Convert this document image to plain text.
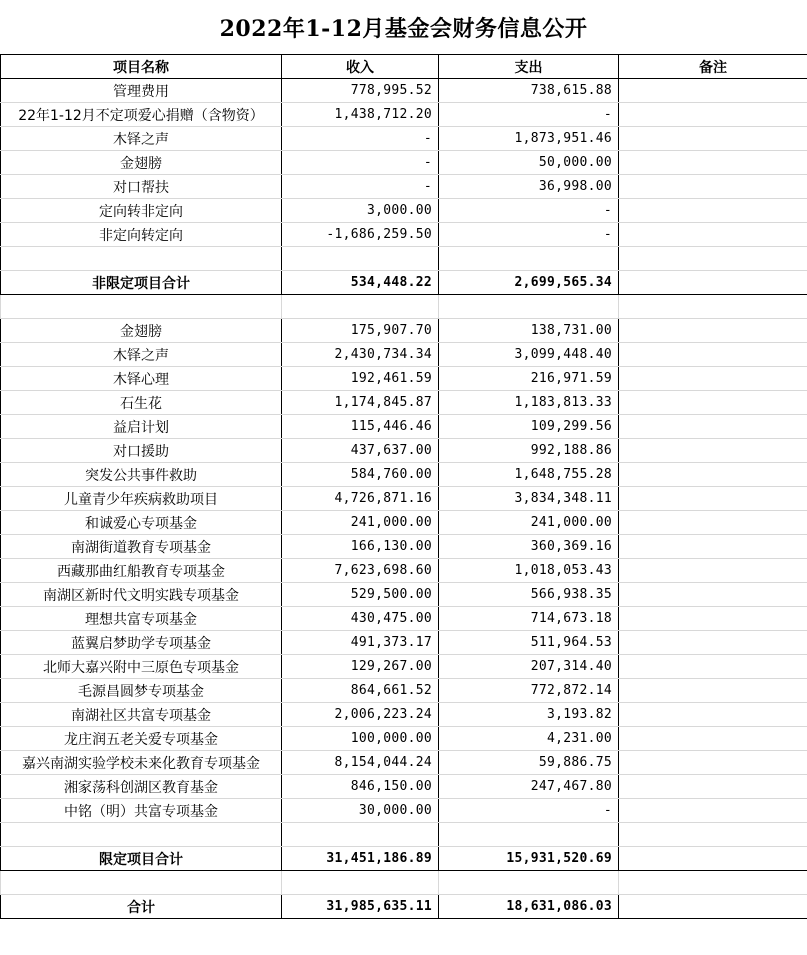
2022年1-12月基金会财务信息公开
项目名称	收入	支出	备注
管理费用	778,995.52	738,615.88	
22年1-12月不定项爱心捐赠（含物资）	1,438,712.20	-	
木铎之声	-	1,873,951.46	
金翅膀	-	50,000.00	
对口帮扶	-	36,998.00	
定向转非定向	3,000.00	-	
非定向转定向	-1,686,259.50	-	

非限定项目合计	534,448.22	2,699,565.34	

金翅膀	175,907.70	138,731.00	
木铎之声	2,430,734.34	3,099,448.40	
木铎心理	192,461.59	216,971.59	
石生花	1,174,845.87	1,183,813.33	
益启计划	115,446.46	109,299.56	
对口援助	437,637.00	992,188.86	
突发公共事件救助	584,760.00	1,648,755.28	
儿童青少年疾病救助项目	4,726,871.16	3,834,348.11	
和诚爱心专项基金	241,000.00	241,000.00	
南湖街道教育专项基金	166,130.00	360,369.16	
西藏那曲红船教育专项基金	7,623,698.60	1,018,053.43	
南湖区新时代文明实践专项基金	529,500.00	566,938.35	
理想共富专项基金	430,475.00	714,673.18	
蓝翼启梦助学专项基金	491,373.17	511,964.53	
北师大嘉兴附中三原色专项基金	129,267.00	207,314.40	
毛源昌圆梦专项基金	864,661.52	772,872.14	
南湖社区共富专项基金	2,006,223.24	3,193.82	
龙庄润五老关爱专项基金	100,000.00	4,231.00	
嘉兴南湖实验学校未来化教育专项基金	8,154,044.24	59,886.75	
湘家荡科创湖区教育基金	846,150.00	247,467.80	
中铭（明）共富专项基金	30,000.00	-	

限定项目合计	31,451,186.89	15,931,520.69	

合计	31,985,635.11	18,631,086.03	
